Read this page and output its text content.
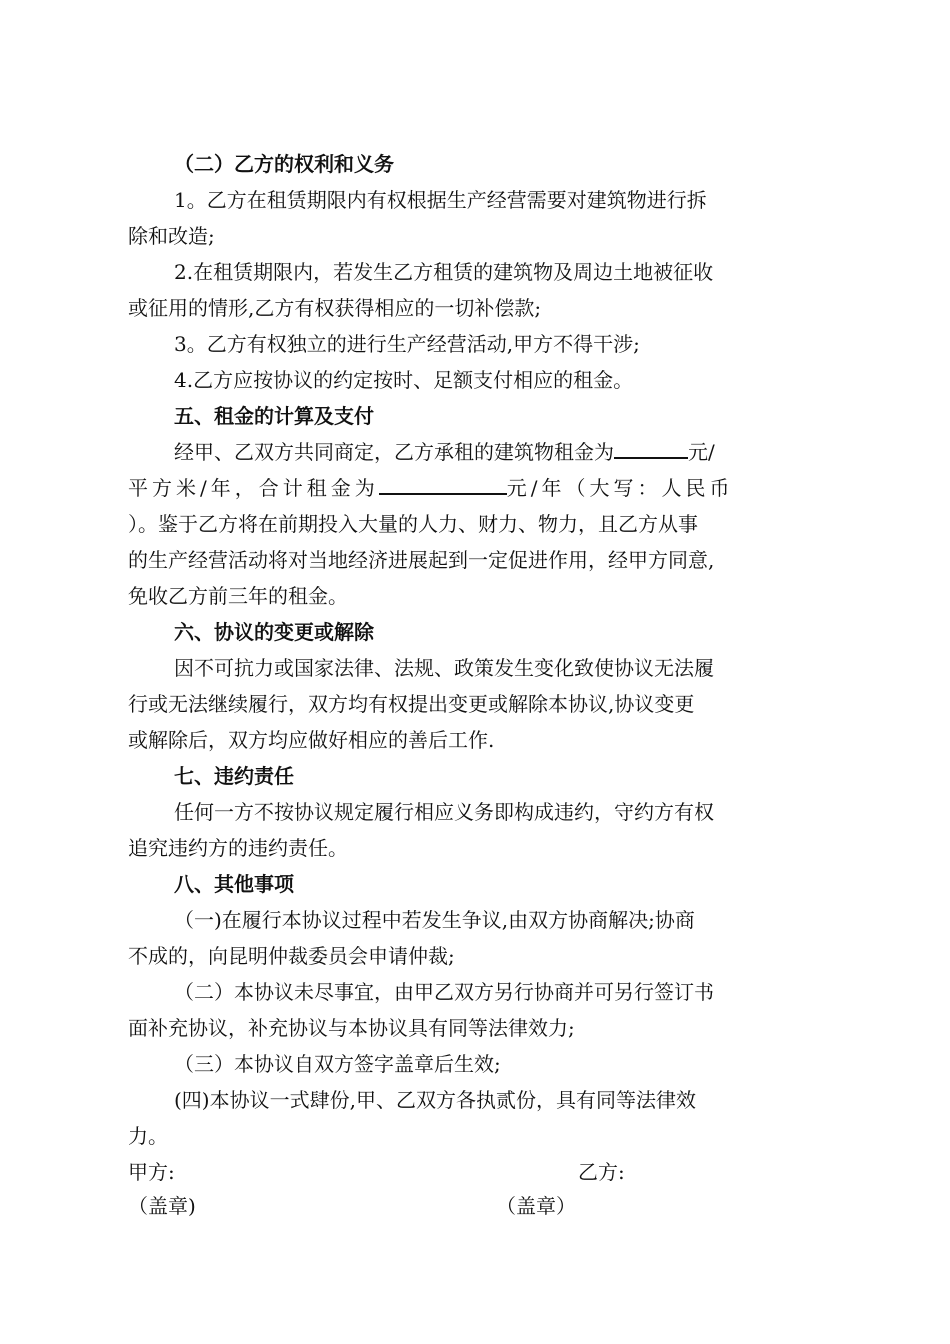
（二）乙方的权利和义务
1。乙方在租赁期限内有权根据生产经营需要对建筑物进行拆
除和改造;
2.在租赁期限内，若发生乙方租赁的建筑物及周边土地被征收
或征用的情形,乙方有权获得相应的一切补偿款;
3。乙方有权独立的进行生产经营活动,甲方不得干涉;
4.乙方应按协议的约定按时、足额支付相应的租金。
五、租金的计算及支付
经甲、乙双方共同商定，乙方承租的建筑物租金为	元/
平方米/年，合计租金为	元/年（大写：人民币
）。鉴于乙方将在前期投入大量的人力、财力、物力，且乙方从事
的生产经营活动将对当地经济进展起到一定促进作用，经甲方同意,
免收乙方前三年的租金。
六、协议的变更或解除
因不可抗力或国家法律、法规、政策发生变化致使协议无法履
行或无法继续履行，双方均有权提出变更或解除本协议,协议变更
或解除后，双方均应做好相应的善后工作.
七、违约责任
任何一方不按协议规定履行相应义务即构成违约，守约方有权
追究违约方的违约责任。
八、其他事项
（一)在履行本协议过程中若发生争议,由双方协商解决;协商
不成的，向昆明仲裁委员会申请仲裁;
（二）本协议未尽事宜，由甲乙双方另行协商并可另行签订书
面补充协议，补充协议与本协议具有同等法律效力;
（三）本协议自双方签字盖章后生效;
(四)本协议一式肆份,甲、乙双方各执贰份，具有同等法律效
力。
甲方:	乙方:
（盖章)	（盖章）
